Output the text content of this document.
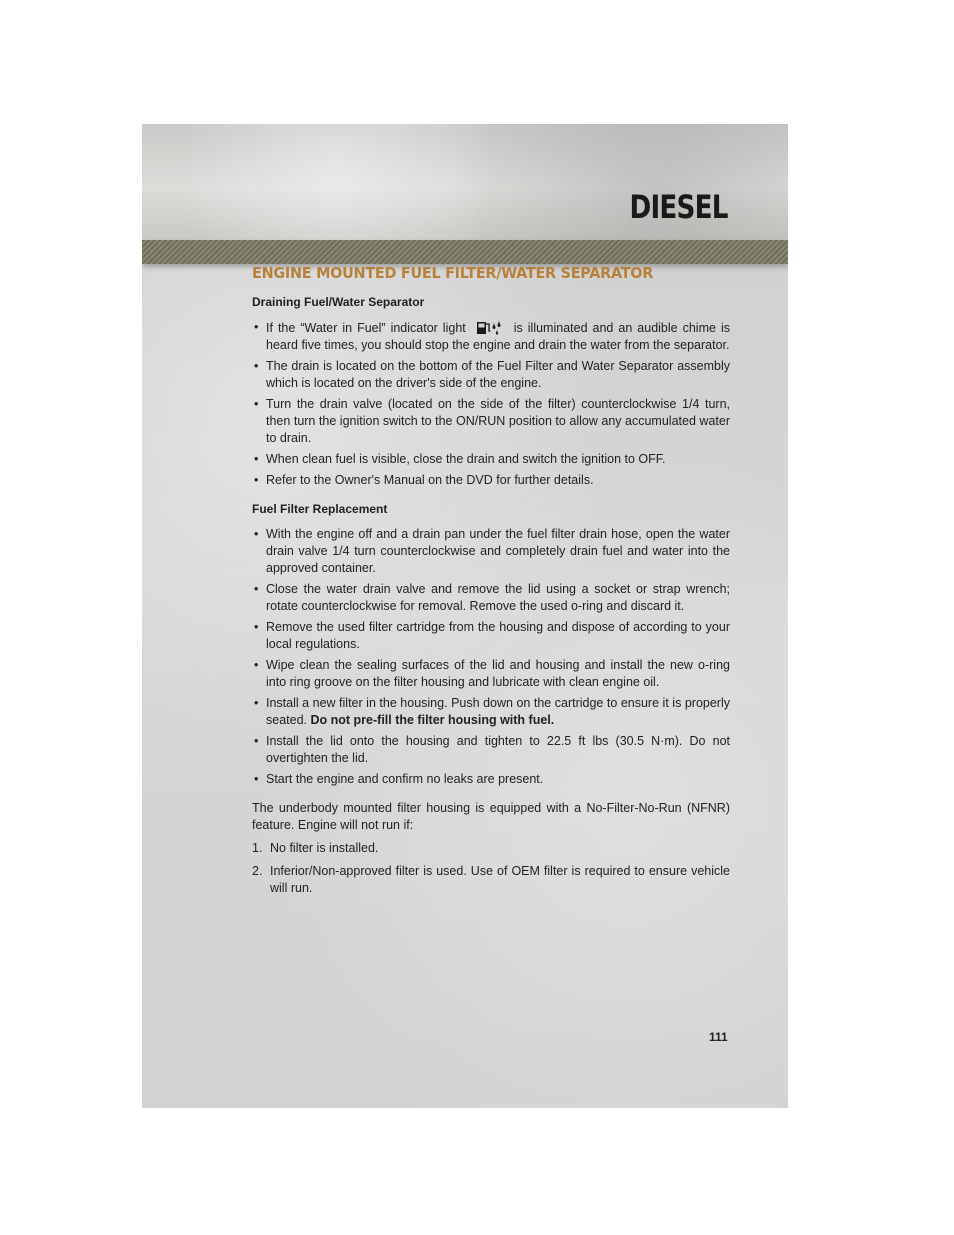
DIESEL
ENGINE MOUNTED FUEL FILTER/WATER SEPARATOR
Draining Fuel/Water Separator
• If the “Water in Fuel” indicator light	is illuminated and an audible chime is heard five times, you should stop the engine and drain the water from the separator.
• The drain is located on the bottom of the Fuel Filter and Water Separator assembly which is located on the driver's side of the engine.
• Turn the drain valve (located on the side of the filter) counterclockwise 1/4 turn, then turn the ignition switch to the ON/RUN position to allow any accumulated water to drain.
• When clean fuel is visible, close the drain and switch the ignition to OFF.
• Refer to the Owner's Manual on the DVD for further details.
Fuel Filter Replacement
• With the engine off and a drain pan under the fuel filter drain hose, open the water drain valve 1/4 turn counterclockwise and completely drain fuel and water into the approved container.
• Close the water drain valve and remove the lid using a socket or strap wrench; rotate counterclockwise for removal. Remove the used o-ring and discard it.
• Remove the used filter cartridge from the housing and dispose of according to your local regulations.
• Wipe clean the sealing surfaces of the lid and housing and install the new o-ring into ring groove on the filter housing and lubricate with clean engine oil.
• Install a new filter in the housing. Push down on the cartridge to ensure it is properly seated. Do not pre-fill the filter housing with fuel.
• Install the lid onto the housing and tighten to 22.5 ft lbs (30.5 N·m). Do not overtighten the lid.
• Start the engine and confirm no leaks are present.

The underbody mounted filter housing is equipped with a No-Filter-No-Run (NFNR) feature. Engine will not run if:

1. No filter is installed.
2. Inferior/Non-approved filter is used. Use of OEM filter is required to ensure vehicle will run.
111
